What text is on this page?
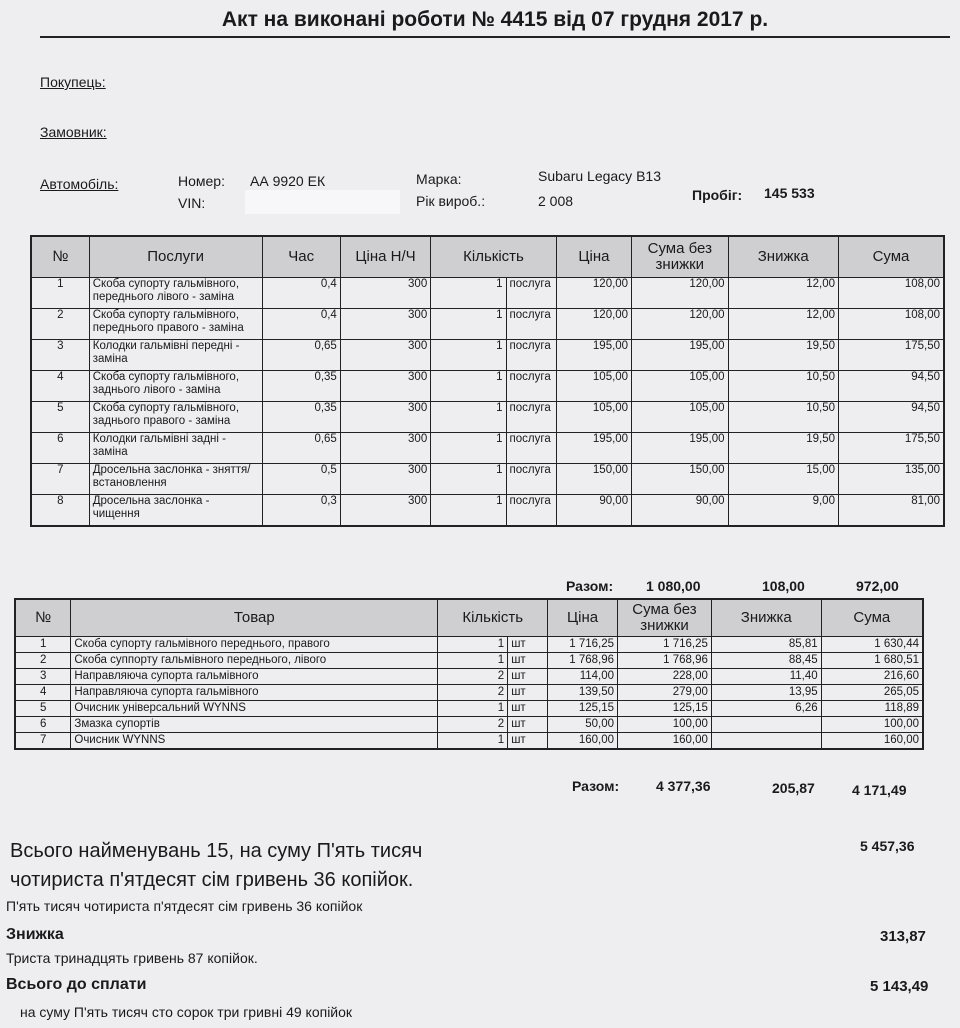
Акт на виконані роботи № 4415 від 07 грудня 2017 р.
Покупець:
Замовник:
Автомобіль:	Номер: АА 9920 ЕК
VIN:
Марка:	Subaru Legacy B13
Рік вироб.:	2 008	Пробіг: 145 533
№	Послуги	Час	Ціна Н/Ч	Кількість		Ціна	Сума без знижки	Знижка	Сума
1	Скоба супорту гальмівного, переднього лівого - заміна	0,4	300	1	послуга	120,00	120,00	12,00	108,00
2	Скоба супорту гальмівного, переднього правого - заміна	0,4	300	1	послуга	120,00	120,00	12,00	108,00
3	Колодки гальмівні передні - заміна	0,65	300	1	послуга	195,00	195,00	19,50	175,50
4	Скоба супорту гальмівного, заднього лівого - заміна	0,35	300	1	послуга	105,00	105,00	10,50	94,50
5	Скоба супорту гальмівного, заднього правого - заміна	0,35	300	1	послуга	105,00	105,00	10,50	94,50
6	Колодки гальмівні задні - заміна	0,65	300	1	послуга	195,00	195,00	19,50	175,50
7	Дросельна заслонка - зняття/встановлення	0,5	300	1	послуга	150,00	150,00	15,00	135,00
8	Дросельна заслонка - чищення	0,3	300	1	послуга	90,00	90,00	9,00	81,00
Разом: 1 080,00	108,00	972,00
№	Товар	Кількість		Ціна	Сума без знижки	Знижка	Сума
1	Скоба супорту гальмівного переднього, правого	1	шт	1 716,25	1 716,25	85,81	1 630,44
2	Скоба суппорту гальмівного переднього, лівого	1	шт	1 768,96	1 768,96	88,45	1 680,51
3	Направляюча супорта гальмівного	2	шт	114,00	228,00	11,40	216,60
4	Направляюча супорта гальмівного	2	шт	139,50	279,00	13,95	265,05
5	Очисник універсальний WYNNS	1	шт	125,15	125,15	6,26	118,89
6	Змазка супортів	2	шт	50,00	100,00		100,00
7	Очисник WYNNS	1	шт	160,00	160,00		160,00
Разом:	4 377,36	205,87	4 171,49
Всього найменувань 15, на суму П'ять тисяч
чотириста п'ятдесят сім гривень 36 копійок.
5 457,36
П'ять тисяч чотириста п'ятдесят сім гривень 36 копійок
Знижка	313,87
Триста тринадцять гривень 87 копійок.
Всього до сплати	5 143,49
на суму П'ять тисяч сто сорок три гривні 49 копійок
